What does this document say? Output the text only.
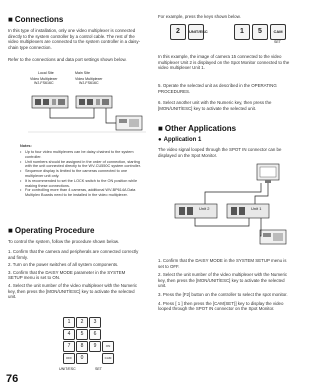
■ Connections
In this type of installation, only one video multiplexer is connected directly to the system controller by a control cable. The rest of the video multiplexers are connected to the system controller in a daisy-chain type connection.
Refer to the connections and data port settings shown below.
Local Site	Main Site
Video Multiplexer
WJ-FS616C
Video Multiplexer
WJ-FS616C
Notes:
• Up to four video multiplexers can be daisy chained to the system controller.
• Unit numbers should be assigned in the order of connection, starting with the unit connected directly to the WV-CU550C system controller.
• Sequence display is limited to the cameras connected to one multiplexer unit only.
• It is recommended to set the LOCK switch to the ON position while making these connections.
• For controlling more than 4 cameras, additional WV-BP614A Data Multiplex Boards need to be installed in the video multiplexer.
■ Operating Procedure
To control the system, follow the procedure shown below.
1. Confirm that the camera and peripherals are connected correctly and firmly.
2. Turn on the power switches of all system components.
3. Confirm that the DAISY MODE parameter in the SYSTEM SETUP menu is set to ON.
4. Select the unit number of the video multiplexer with the Numeric key, then press the [MON/UNIT/ESC] key to activate the selected unit.
1	2	3
4	5	6
7	8	9
0
ON
CAM
OFF
UNIT/ESC	SET
76
For example, press the keys shown below.
2	UNIT/ESC	1	5	CAM
SET
In this example, the image of camera 15 connected to the video multiplexer Unit 2 is displayed on the Spot Monitor connected to the video multiplexer Unit 1.
5. Operate the selected unit as described in the OPERATING PROCEDURES.
6. Select another unit with the Numeric key, then press the [MON/UNIT/ESC] key to activate the selected unit.
■ Other Applications
● Application 1
The video signal looped through the SPOT IN connector can be displayed on the Spot Monitor.
Unit 2	Unit 1
1. Confirm that the DAISY MODE in the SYSTEM SETUP menu is set to OFF.
2. Select the unit number of the video multiplexer with the Numeric key, then press the [MON/UNIT/ESC] key to activate the selected unit.
3. Press the [F2] button on the controller to select the spot monitor.
4. Press [ 1 ] then press the [CAM(SET)] key to display the video looped through the SPOT IN connector on the Spot Monitor.
